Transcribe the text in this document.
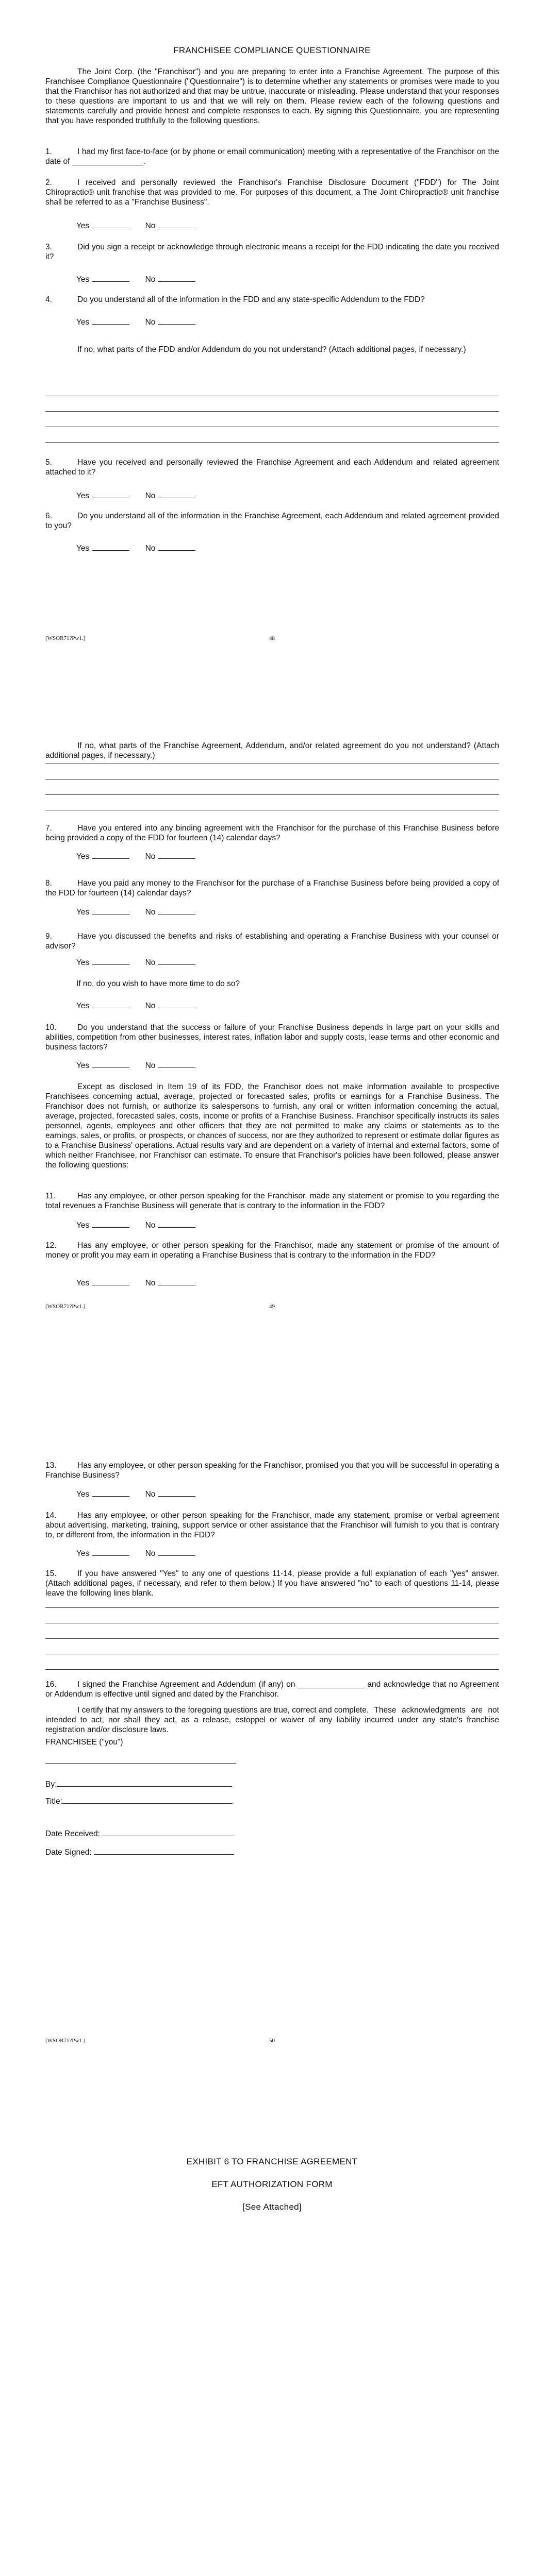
FRANCHISEE COMPLIANCE QUESTIONNAIRE
The Joint Corp. (the "Franchisor") and you are preparing to enter into a Franchise Agreement. The purpose of this Franchisee Compliance Questionnaire ("Questionnaire") is to determine whether any statements or promises were made to you that the Franchisor has not authorized and that may be untrue, inaccurate or misleading. Please understand that your responses to these questions are important to us and that we will rely on them. Please review each of the following questions and statements carefully and provide honest and complete responses to each. By signing this Questionnaire, you are representing that you have responded truthfully to the following questions.
1.	I had my first face-to-face (or by phone or email communication) meeting with a representative of the Franchisor on the date of ________________.
2.	I received and personally reviewed the Franchisor's Franchise Disclosure Document ("FDD") for The Joint Chiropractic® unit franchise that was provided to me. For purposes of this document, a The Joint Chiropractic® unit franchise shall be referred to as a "Franchise Business".
Yes	No
3.	Did you sign a receipt or acknowledge through electronic means a receipt for the FDD indicating the date you received it?
Yes	No
4.	Do you understand all of the information in the FDD and any state-specific Addendum to the FDD?
Yes	No
If no, what parts of the FDD and/or Addendum do you not understand? (Attach additional pages, if necessary.)
5.	Have you received and personally reviewed the Franchise Agreement and each Addendum and related agreement attached to it?
Yes	No
6.	Do you understand all of the information in the Franchise Agreement, each Addendum and related agreement provided to you?
Yes	No
[WSOR71?Pw1.]	48
If no, what parts of the Franchise Agreement, Addendum, and/or related agreement do you not understand? (Attach additional pages, if necessary.)
7.	Have you entered into any binding agreement with the Franchisor for the purchase of this Franchise Business before being provided a copy of the FDD for fourteen (14) calendar days?
Yes	No
8.	Have you paid any money to the Franchisor for the purchase of a Franchise Business before being provided a copy of the FDD for fourteen (14) calendar days?
Yes	No
9.	Have you discussed the benefits and risks of establishing and operating a Franchise Business with your counsel or advisor?
Yes	No
If no, do you wish to have more time to do so?
Yes	No
10.	Do you understand that the success or failure of your Franchise Business depends in large part on your skills and abilities, competition from other businesses, interest rates, inflation labor and supply costs, lease terms and other economic and business factors?
Yes	No
Except as disclosed in Item 19 of its FDD, the Franchisor does not make information available to prospective Franchisees concerning actual, average, projected or forecasted sales, profits or earnings for a Franchise Business. The Franchisor does not furnish, or authorize its salespersons to furnish, any oral or written information concerning the actual, average, projected, forecasted sales, costs, income or profits of a Franchise Business. Franchisor specifically instructs its sales personnel, agents, employees and other officers that they are not permitted to make any claims or statements as to the earnings, sales, or profits, or prospects, or chances of success, nor are they authorized to represent or estimate dollar figures as to a Franchise Business' operations. Actual results vary and are dependent on a variety of internal and external factors, some of which neither Franchisee, nor Franchisor can estimate. To ensure that Franchisor's policies have been followed, please answer the following questions:
11.	Has any employee, or other person speaking for the Franchisor, made any statement or promise to you regarding the total revenues a Franchise Business will generate that is contrary to the information in the FDD?
Yes	No
12.	Has any employee, or other person speaking for the Franchisor, made any statement or promise of the amount of money or profit you may earn in operating a Franchise Business that is contrary to the information in the FDD?
Yes	No
[WSOR71?Pw1.]	49
13.	Has any employee, or other person speaking for the Franchisor, promised you that you will be successful in operating a Franchise Business?
Yes	No
14.	Has any employee, or other person speaking for the Franchisor, made any statement, promise or verbal agreement about advertising, marketing, training, support service or other assistance that the Franchisor will furnish to you that is contrary to, or different from, the information in the FDD?
Yes	No
15.	If you have answered "Yes" to any one of questions 11-14, please provide a full explanation of each "yes" answer. (Attach additional pages, if necessary, and refer to them below.) If you have answered "no" to each of questions 11-14, please leave the following lines blank.
16.	I signed the Franchise Agreement and Addendum (if any) on _______________ and acknowledge that no Agreement or Addendum is effective until signed and dated by the Franchisor.
I certify that my answers to the foregoing questions are true, correct and complete. These acknowledgments are not intended to act, nor shall they act, as a release, estoppel or waiver of any liability incurred under any state's franchise registration and/or disclosure laws.
FRANCHISEE ("you")
By:
Title:
Date Received:
Date Signed:
[WSOR71?Pw1.]	50
EXHIBIT 6 TO FRANCHISE AGREEMENT
EFT AUTHORIZATION FORM
[See Attached]
